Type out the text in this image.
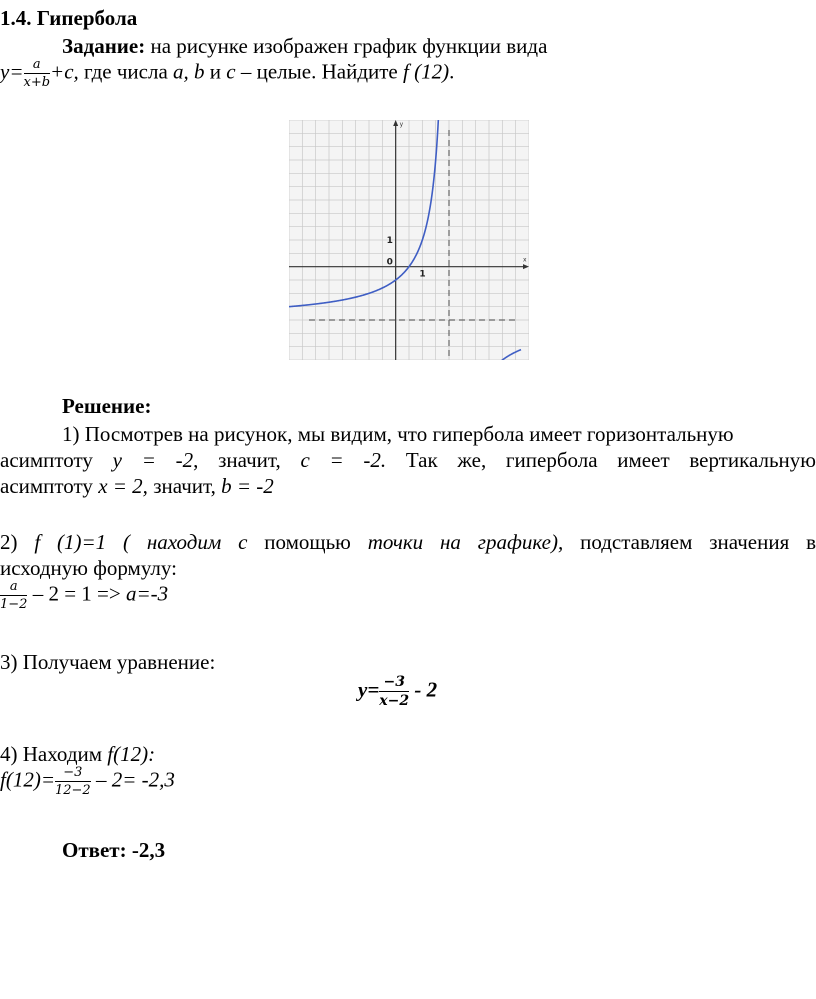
1.4. Гипербола
Задание: на рисунке изображен график функции вида
$y= \frac{a}{x+b} +c$, где числа a, b и c – целые. Найдите f (12).
x
y
0
1
1
Решение:
1) Посмотрев на рисунок, мы видим, что гипербола имеет горизонтальную
асимптоту y = -2, значит, c = -2. Так же, гипербола имеет вертикальную
асимптоту x = 2, значит, b = -2
2) f (1)=1 ( находим с помощью точки на графике), подставляем значения в
исходную формулу:
$\frac{a}{1-2} - 2 = 1 => a=-3$
3) Получаем уравнение:
$y= \frac{-3}{x-2} - 2$
4) Находим f(12):
$f(12)= \frac{-3}{12-2} - 2= -2,3$
Ответ: -2,3
